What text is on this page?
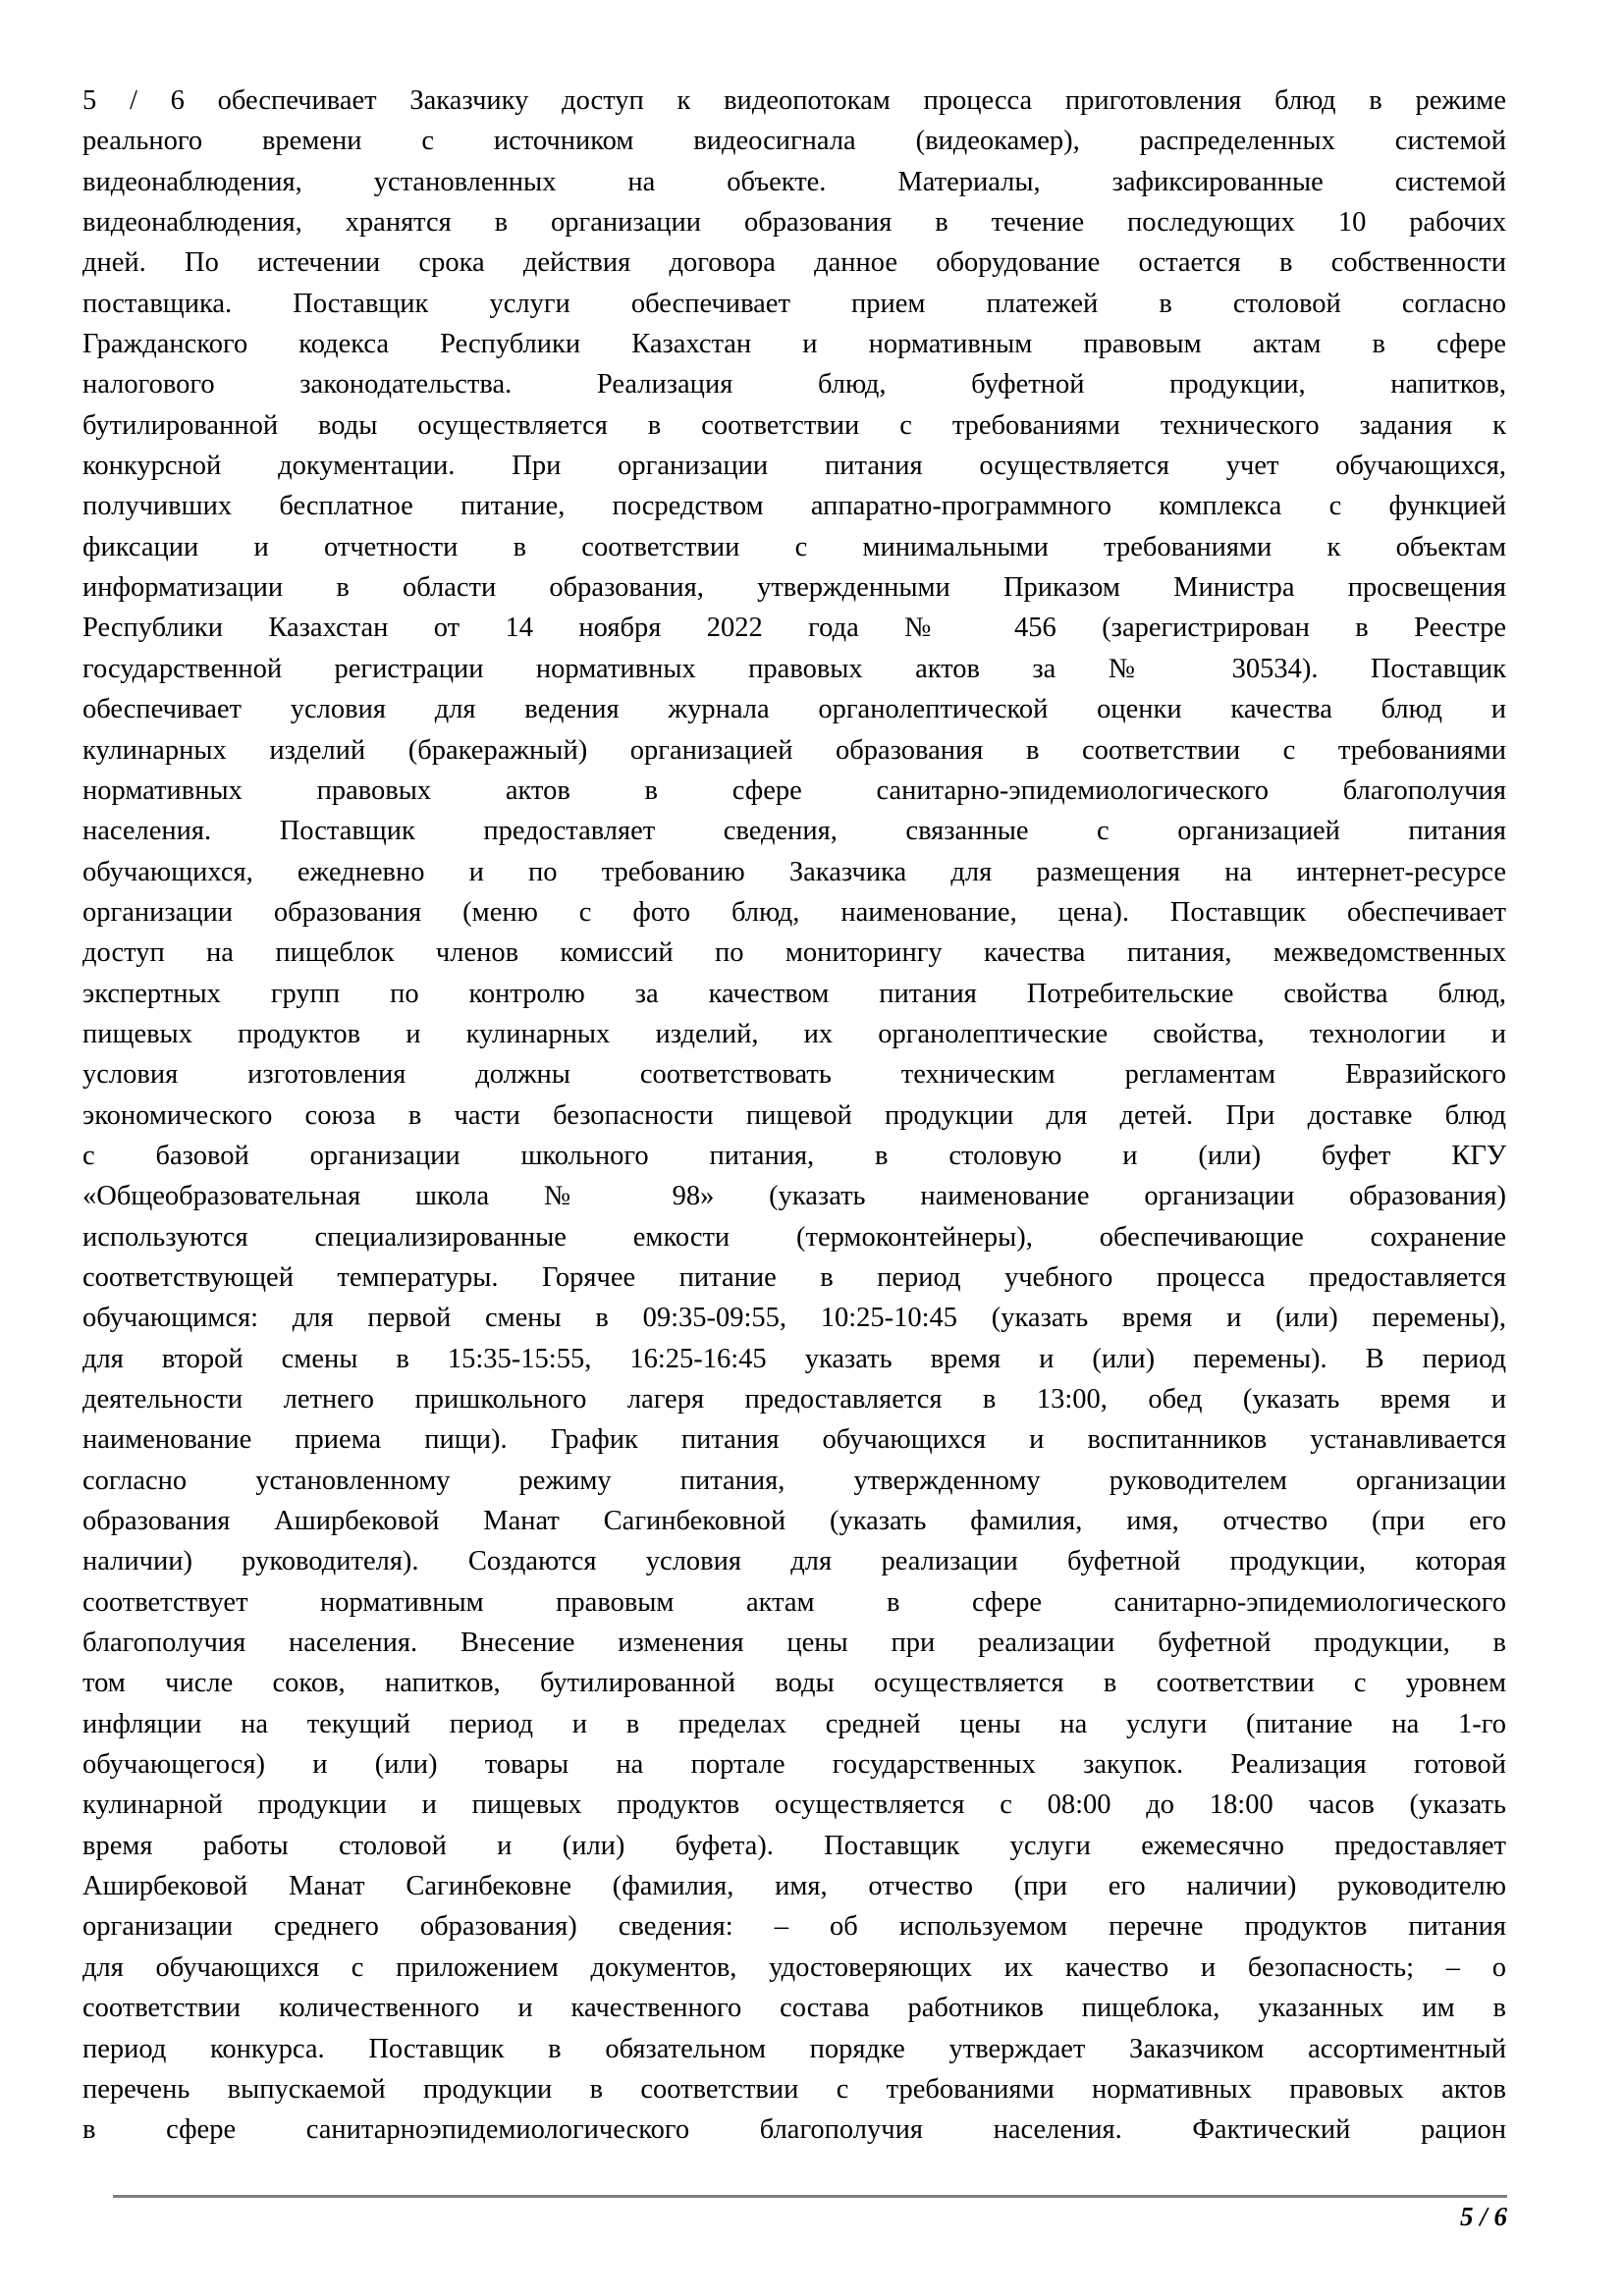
5 / 6 обеспечивает Заказчику доступ к видеопотокам процесса приготовления блюд в режиме
реального времени с источником видеосигнала (видеокамер), распределенных системой
видеонаблюдения, установленных на объекте. Материалы, зафиксированные системой
видеонаблюдения, хранятся в организации образования в течение последующих 10 рабочих
дней. По истечении срока действия договора данное оборудование остается в собственности
поставщика. Поставщик услуги обеспечивает прием платежей в столовой согласно
Гражданского кодекса Республики Казахстан и нормативным правовым актам в сфере
налогового законодательства. Реализация блюд, буфетной продукции, напитков,
бутилированной воды осуществляется в соответствии с требованиями технического задания к
конкурсной документации. При организации питания осуществляется учет обучающихся,
получивших бесплатное питание, посредством аппаратно-программного комплекса с функцией
фиксации и отчетности в соответствии с минимальными требованиями к объектам
информатизации в области образования, утвержденными Приказом Министра просвещения
Республики Казахстан от 14 ноября 2022 года № 456 (зарегистрирован в Реестре
государственной регистрации нормативных правовых актов за № 30534). Поставщик
обеспечивает условия для ведения журнала органолептической оценки качества блюд и
кулинарных изделий (бракеражный) организацией образования в соответствии с требованиями
нормативных правовых актов в сфере санитарно-эпидемиологического благополучия
населения. Поставщик предоставляет сведения, связанные с организацией питания
обучающихся, ежедневно и по требованию Заказчика для размещения на интернет-ресурсе
организации образования (меню с фото блюд, наименование, цена). Поставщик обеспечивает
доступ на пищеблок членов комиссий по мониторингу качества питания, межведомственных
экспертных групп по контролю за качеством питания Потребительские свойства блюд,
пищевых продуктов и кулинарных изделий, их органолептические свойства, технологии и
условия изготовления должны соответствовать техническим регламентам Евразийского
экономического союза в части безопасности пищевой продукции для детей. При доставке блюд
с базовой организации школьного питания, в столовую и (или) буфет КГУ
«Общеобразовательная школа № 98» (указать наименование организации образования)
используются специализированные емкости (термоконтейнеры), обеспечивающие сохранение
соответствующей температуры. Горячее питание в период учебного процесса предоставляется
обучающимся: для первой смены в 09:35-09:55, 10:25-10:45 (указать время и (или) перемены),
для второй смены в 15:35-15:55, 16:25-16:45 указать время и (или) перемены). В период
деятельности летнего пришкольного лагеря предоставляется в 13:00, обед (указать время и
наименование приема пищи). График питания обучающихся и воспитанников устанавливается
согласно установленному режиму питания, утвержденному руководителем организации
образования Аширбековой Манат Сагинбековной (указать фамилия, имя, отчество (при его
наличии) руководителя). Создаются условия для реализации буфетной продукции, которая
соответствует нормативным правовым актам в сфере санитарно-эпидемиологического
благополучия населения. Внесение изменения цены при реализации буфетной продукции, в
том числе соков, напитков, бутилированной воды осуществляется в соответствии с уровнем
инфляции на текущий период и в пределах средней цены на услуги (питание на 1-го
обучающегося) и (или) товары на портале государственных закупок. Реализация готовой
кулинарной продукции и пищевых продуктов осуществляется с 08:00 до 18:00 часов (указать
время работы столовой и (или) буфета). Поставщик услуги ежемесячно предоставляет
Аширбековой Манат Сагинбековне (фамилия, имя, отчество (при его наличии) руководителю
организации среднего образования) сведения: – об используемом перечне продуктов питания
для обучающихся с приложением документов, удостоверяющих их качество и безопасность; – о
соответствии количественного и качественного состава работников пищеблока, указанных им в
период конкурса. Поставщик в обязательном порядке утверждает Заказчиком ассортиментный
перечень выпускаемой продукции в соответствии с требованиями нормативных правовых актов
в сфере санитарноэпидемиологического благополучия населения. Фактический рацион
5 / 6
